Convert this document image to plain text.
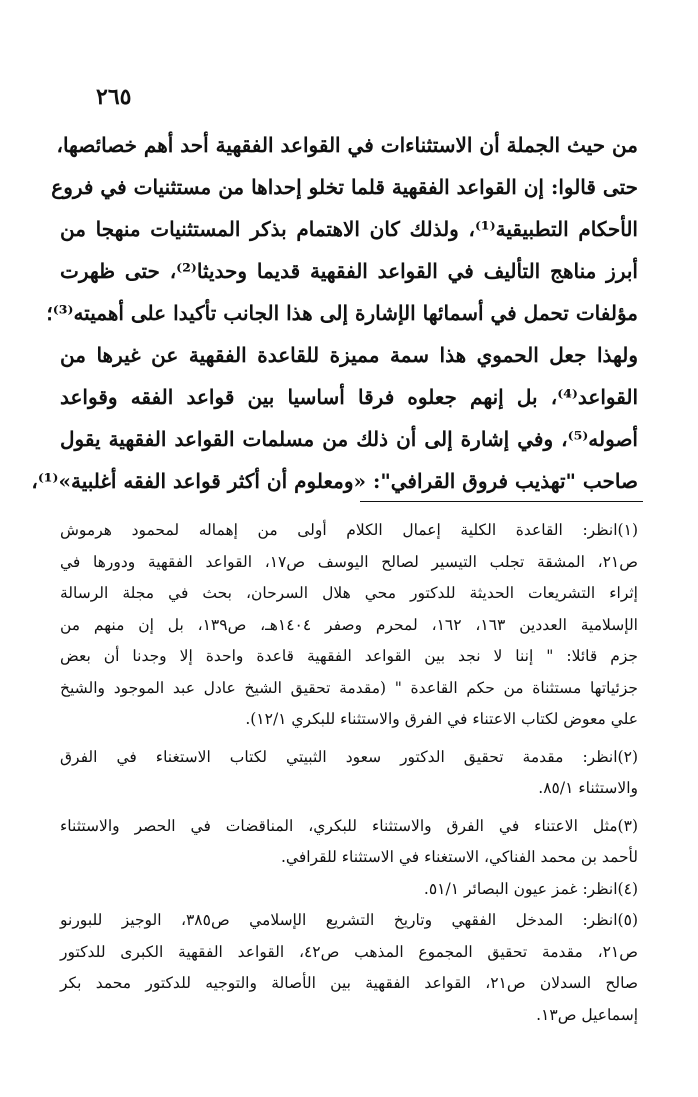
٢٦٥
من حيث الجملة أن الاستثناءات في القواعد الفقهية أحد أهم خصائصها،
حتى قالوا: إن القواعد الفقهية قلما تخلو إحداها من مستثنيات في فروع
الأحكام التطبيقية⁽¹⁾، ولذلك كان الاهتمام بذكر المستثنيات منهجا من
أبرز مناهج التأليف في القواعد الفقهية قديما وحديثا⁽²⁾، حتى ظهرت
مؤلفات تحمل في أسمائها الإشارة إلى هذا الجانب تأكيدا على أهميته⁽³⁾؛
ولهذا جعل الحموي هذا سمة مميزة للقاعدة الفقهية عن غيرها من
القواعد⁽⁴⁾، بل إنهم جعلوه فرقا أساسيا بين قواعد الفقه وقواعد
أصوله⁽⁵⁾، وفي إشارة إلى أن ذلك من مسلمات القواعد الفقهية يقول
صاحب "تهذيب فروق القرافي": «ومعلوم أن أكثر قواعد الفقه أغلبية»⁽¹⁾،
(١)انظر: القاعدة الكلية إعمال الكلام أولى من إهماله لمحمود هرموش
ص٢١، المشقة تجلب التيسير لصالح اليوسف ص١٧، القواعد الفقهية ودورها في
إثراء التشريعات الحديثة للدكتور محي هلال السرحان، بحث في مجلة الرسالة
الإسلامية العددين ١٦٣، ١٦٢، لمحرم وصفر ١٤٠٤هـ، ص١٣٩، بل إن منهم من
جزم قائلا: " إننا لا نجد بين القواعد الفقهية قاعدة واحدة إلا وجدنا أن بعض
جزئياتها مستثناة من حكم القاعدة " (مقدمة تحقيق الشيخ عادل عبد الموجود والشيخ
علي معوض لكتاب الاعتناء في الفرق والاستثناء للبكري ١٢/١).
(٢)انظر: مقدمة تحقيق الدكتور سعود الثبيتي لكتاب الاستغناء في الفرق
والاستثناء ٨٥/١.
(٣)مثل الاعتناء في الفرق والاستثناء للبكري، المناقضات في الحصر والاستثناء
لأحمد بن محمد الفناكي، الاستغناء في الاستثناء للقرافي.
(٤)انظر: غمز عيون البصائر ٥١/١.
(٥)انظر: المدخل الفقهي وتاريخ التشريع الإسلامي ص٣٨٥، الوجيز للبورنو
ص٢١، مقدمة تحقيق المجموع المذهب ص٤٢، القواعد الفقهية الكبرى للدكتور
صالح السدلان ص٢١، القواعد الفقهية بين الأصالة والتوجيه للدكتور محمد بكر
إسماعيل ص١٣.
